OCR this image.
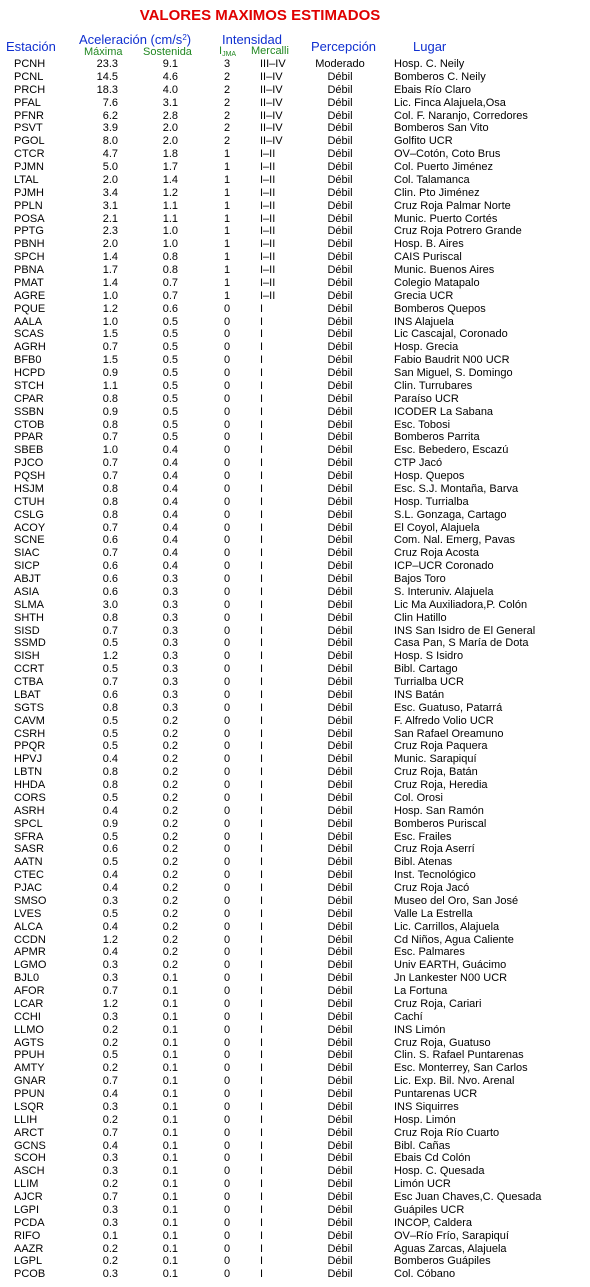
VALORES MAXIMOS ESTIMADOS
Estación Aceleración $(cm/s^2)$
Máxima Sostenida
Intensidad
IJMA Mercalli Percepción	Lugar
PCNH	23.3	9.1	3	III–IV	Moderado	Hosp. C. Neily
PCNL	14.5	4.6	2	II–IV	Débil	Bomberos C. Neily
PRCH	18.3	4.0	2	II–IV	Débil	Ebais Río Claro
PFAL	7.6	3.1	2	II–IV	Débil	Lic. Finca Alajuela,Osa
PFNR	6.2	2.8	2	II–IV	Débil	Col. F. Naranjo, Corredores
PSVT	3.9	2.0	2	II–IV	Débil	Bomberos San Vito
PGOL	8.0	2.0	2	II–IV	Débil	Golfito UCR
CTCR	4.7	1.8	1	I–II	Débil	OV–Cotón, Coto Brus
PJMN	5.0	1.7	1	I–II	Débil	Col. Puerto Jiménez
LTAL	2.0	1.4	1	I–II	Débil	Col. Talamanca
PJMH	3.4	1.2	1	I–II	Débil	Clin. Pto Jiménez
PPLN	3.1	1.1	1	I–II	Débil	Cruz Roja Palmar Norte
POSA	2.1	1.1	1	I–II	Débil	Munic. Puerto Cortés
PPTG	2.3	1.0	1	I–II	Débil	Cruz Roja Potrero Grande
PBNH	2.0	1.0	1	I–II	Débil	Hosp. B. Aires
SPCH	1.4	0.8	1	I–II	Débil	CAIS Puriscal
PBNA	1.7	0.8	1	I–II	Débil	Munic. Buenos Aires
PMAT	1.4	0.7	1	I–II	Débil	Colegio Matapalo
AGRE	1.0	0.7	1	I–II	Débil	Grecia UCR
PQUE	1.2	0.6	0	I	Débil	Bomberos Quepos
AALA	1.0	0.5	0	I	Débil	INS Alajuela
SCAS	1.5	0.5	0	I	Débil	Lic Cascajal, Coronado
AGRH	0.7	0.5	0	I	Débil	Hosp. Grecia
BFB0	1.5	0.5	0	I	Débil	Fabio Baudrit N00 UCR
HCPD	0.9	0.5	0	I	Débil	San Miguel, S. Domingo
STCH	1.1	0.5	0	I	Débil	Clin. Turrubares
CPAR	0.8	0.5	0	I	Débil	Paraíso UCR
SSBN	0.9	0.5	0	I	Débil	ICODER La Sabana
CTOB	0.8	0.5	0	I	Débil	Esc. Tobosi
PPAR	0.7	0.5	0	I	Débil	Bomberos Parrita
SBEB	1.0	0.4	0	I	Débil	Esc. Bebedero, Escazú
PJCO	0.7	0.4	0	I	Débil	CTP Jacó
PQSH	0.7	0.4	0	I	Débil	Hosp. Quepos
HSJM	0.8	0.4	0	I	Débil	Esc. S.J. Montaña, Barva
CTUH	0.8	0.4	0	I	Débil	Hosp. Turrialba
CSLG	0.8	0.4	0	I	Débil	S.L. Gonzaga, Cartago
ACOY	0.7	0.4	0	I	Débil	El Coyol, Alajuela
SCNE	0.6	0.4	0	I	Débil	Com. Nal. Emerg, Pavas
SIAC	0.7	0.4	0	I	Débil	Cruz Roja Acosta
SICP	0.6	0.4	0	I	Débil	ICP–UCR Coronado
ABJT	0.6	0.3	0	I	Débil	Bajos Toro
ASIA	0.6	0.3	0	I	Débil	S. Interuniv. Alajuela
SLMA	3.0	0.3	0	I	Débil	Lic Ma Auxiliadora,P. Colón
SHTH	0.8	0.3	0	I	Débil	Clin Hatillo
SISD	0.7	0.3	0	I	Débil	INS San Isidro de El General
SSMD	0.5	0.3	0	I	Débil	Casa Pan, S María de Dota
SISH	1.2	0.3	0	I	Débil	Hosp. S Isidro
CCRT	0.5	0.3	0	I	Débil	Bibl. Cartago
CTBA	0.7	0.3	0	I	Débil	Turrialba UCR
LBAT	0.6	0.3	0	I	Débil	INS Batán
SGTS	0.8	0.3	0	I	Débil	Esc. Guatuso, Patarrá
CAVM	0.5	0.2	0	I	Débil	F. Alfredo Volio UCR
CSRH	0.5	0.2	0	I	Débil	San Rafael Oreamuno
PPQR	0.5	0.2	0	I	Débil	Cruz Roja Paquera
HPVJ	0.4	0.2	0	I	Débil	Munic. Sarapiquí
LBTN	0.8	0.2	0	I	Débil	Cruz Roja, Batán
HHDA	0.8	0.2	0	I	Débil	Cruz Roja, Heredia
CORS	0.5	0.2	0	I	Débil	Col. Orosi
ASRH	0.4	0.2	0	I	Débil	Hosp. San Ramón
SPCL	0.9	0.2	0	I	Débil	Bomberos Puriscal
SFRA	0.5	0.2	0	I	Débil	Esc. Frailes
SASR	0.6	0.2	0	I	Débil	Cruz Roja Aserrí
AATN	0.5	0.2	0	I	Débil	Bibl. Atenas
CTEC	0.4	0.2	0	I	Débil	Inst. Tecnológico
PJAC	0.4	0.2	0	I	Débil	Cruz Roja Jacó
SMSO	0.3	0.2	0	I	Débil	Museo del Oro, San José
LVES	0.5	0.2	0	I	Débil	Valle La Estrella
ALCA	0.4	0.2	0	I	Débil	Lic. Carrillos, Alajuela
CCDN	1.2	0.2	0	I	Débil	Cd Niños, Agua Caliente
APMR	0.4	0.2	0	I	Débil	Esc. Palmares
LGMO	0.3	0.2	0	I	Débil	Univ EARTH, Guácimo
BJL0	0.3	0.1	0	I	Débil	Jn Lankester N00 UCR
AFOR	0.7	0.1	0	I	Débil	La Fortuna
LCAR	1.2	0.1	0	I	Débil	Cruz Roja, Cariari
CCHI	0.3	0.1	0	I	Débil	Cachí
LLMO	0.2	0.1	0	I	Débil	INS Limón
AGTS	0.2	0.1	0	I	Débil	Cruz Roja, Guatuso
PPUH	0.5	0.1	0	I	Débil	Clin. S. Rafael Puntarenas
AMTY	0.2	0.1	0	I	Débil	Esc. Monterrey, San Carlos
GNAR	0.7	0.1	0	I	Débil	Lic. Exp. Bil. Nvo. Arenal
PPUN	0.4	0.1	0	I	Débil	Puntarenas UCR
LSQR	0.3	0.1	0	I	Débil	INS Siquirres
LLIH	0.2	0.1	0	I	Débil	Hosp. Limón
ARCT	0.7	0.1	0	I	Débil	Cruz Roja Río Cuarto
GCNS	0.4	0.1	0	I	Débil	Bibl. Cañas
SCOH	0.3	0.1	0	I	Débil	Ebais Cd Colón
ASCH	0.3	0.1	0	I	Débil	Hosp. C. Quesada
LLIM	0.2	0.1	0	I	Débil	Limón UCR
AJCR	0.7	0.1	0	I	Débil	Esc Juan Chaves,C. Quesada
LGPI	0.3	0.1	0	I	Débil	Guápiles UCR
PCDA	0.3	0.1	0	I	Débil	INCOP, Caldera
RIFO	0.1	0.1	0	I	Débil	OV–Río Frío, Sarapiquí
AAZR	0.2	0.1	0	I	Débil	Aguas Zarcas, Alajuela
LGPL	0.2	0.1	0	I	Débil	Bomberos Guápiles
PCOB	0.3	0.1	0	I	Débil	Col. Cóbano
